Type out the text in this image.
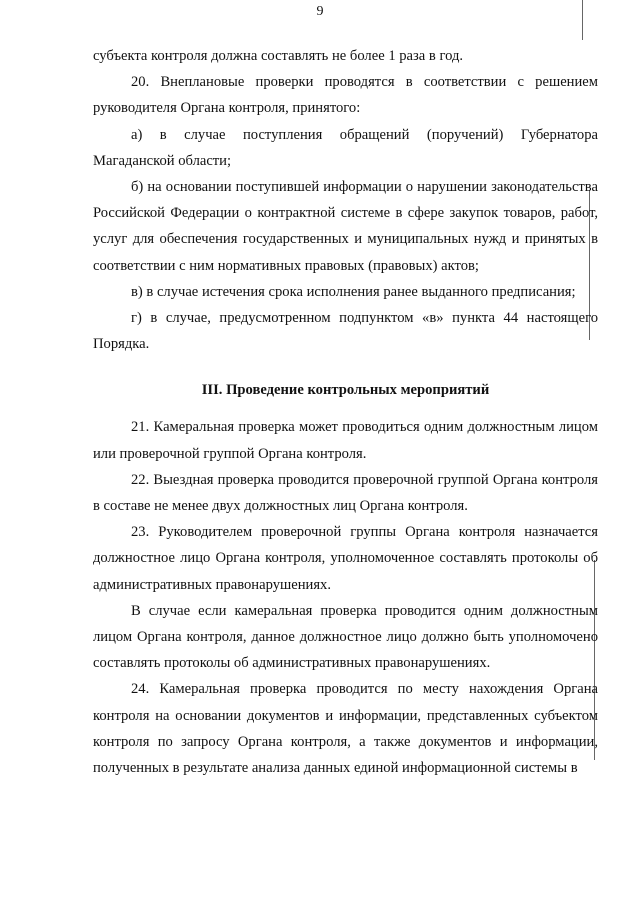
9

субъекта контроля должна составлять не более 1 раза в год.

20. Внеплановые проверки проводятся в соответствии с решением руководителя Органа контроля, принятого:

а) в случае поступления обращений (поручений) Губернатора Магаданской области;

б) на основании поступившей информации о нарушении законодательства Российской Федерации о контрактной системе в сфере закупок товаров, работ, услуг для обеспечения государственных и муниципальных нужд и принятых в соответствии с ним нормативных правовых (правовых) актов;

в) в случае истечения срока исполнения ранее выданного предписания;

г) в случае, предусмотренном подпунктом «в» пункта 44 настоящего Порядка.

III. Проведение контрольных мероприятий

21. Камеральная проверка может проводиться одним должностным лицом или проверочной группой Органа контроля.

22. Выездная проверка проводится проверочной группой Органа контроля в составе не менее двух должностных лиц Органа контроля.

23. Руководителем проверочной группы Органа контроля назначается должностное лицо Органа контроля, уполномоченное составлять протоколы об административных правонарушениях.

В случае если камеральная проверка проводится одним должностным лицом Органа контроля, данное должностное лицо должно быть уполномочено составлять протоколы об административных правонарушениях.

24. Камеральная проверка проводится по месту нахождения Органа контроля на основании документов и информации, представленных субъектом контроля по запросу Органа контроля, а также документов и информации, полученных в результате анализа данных единой информационной системы в
